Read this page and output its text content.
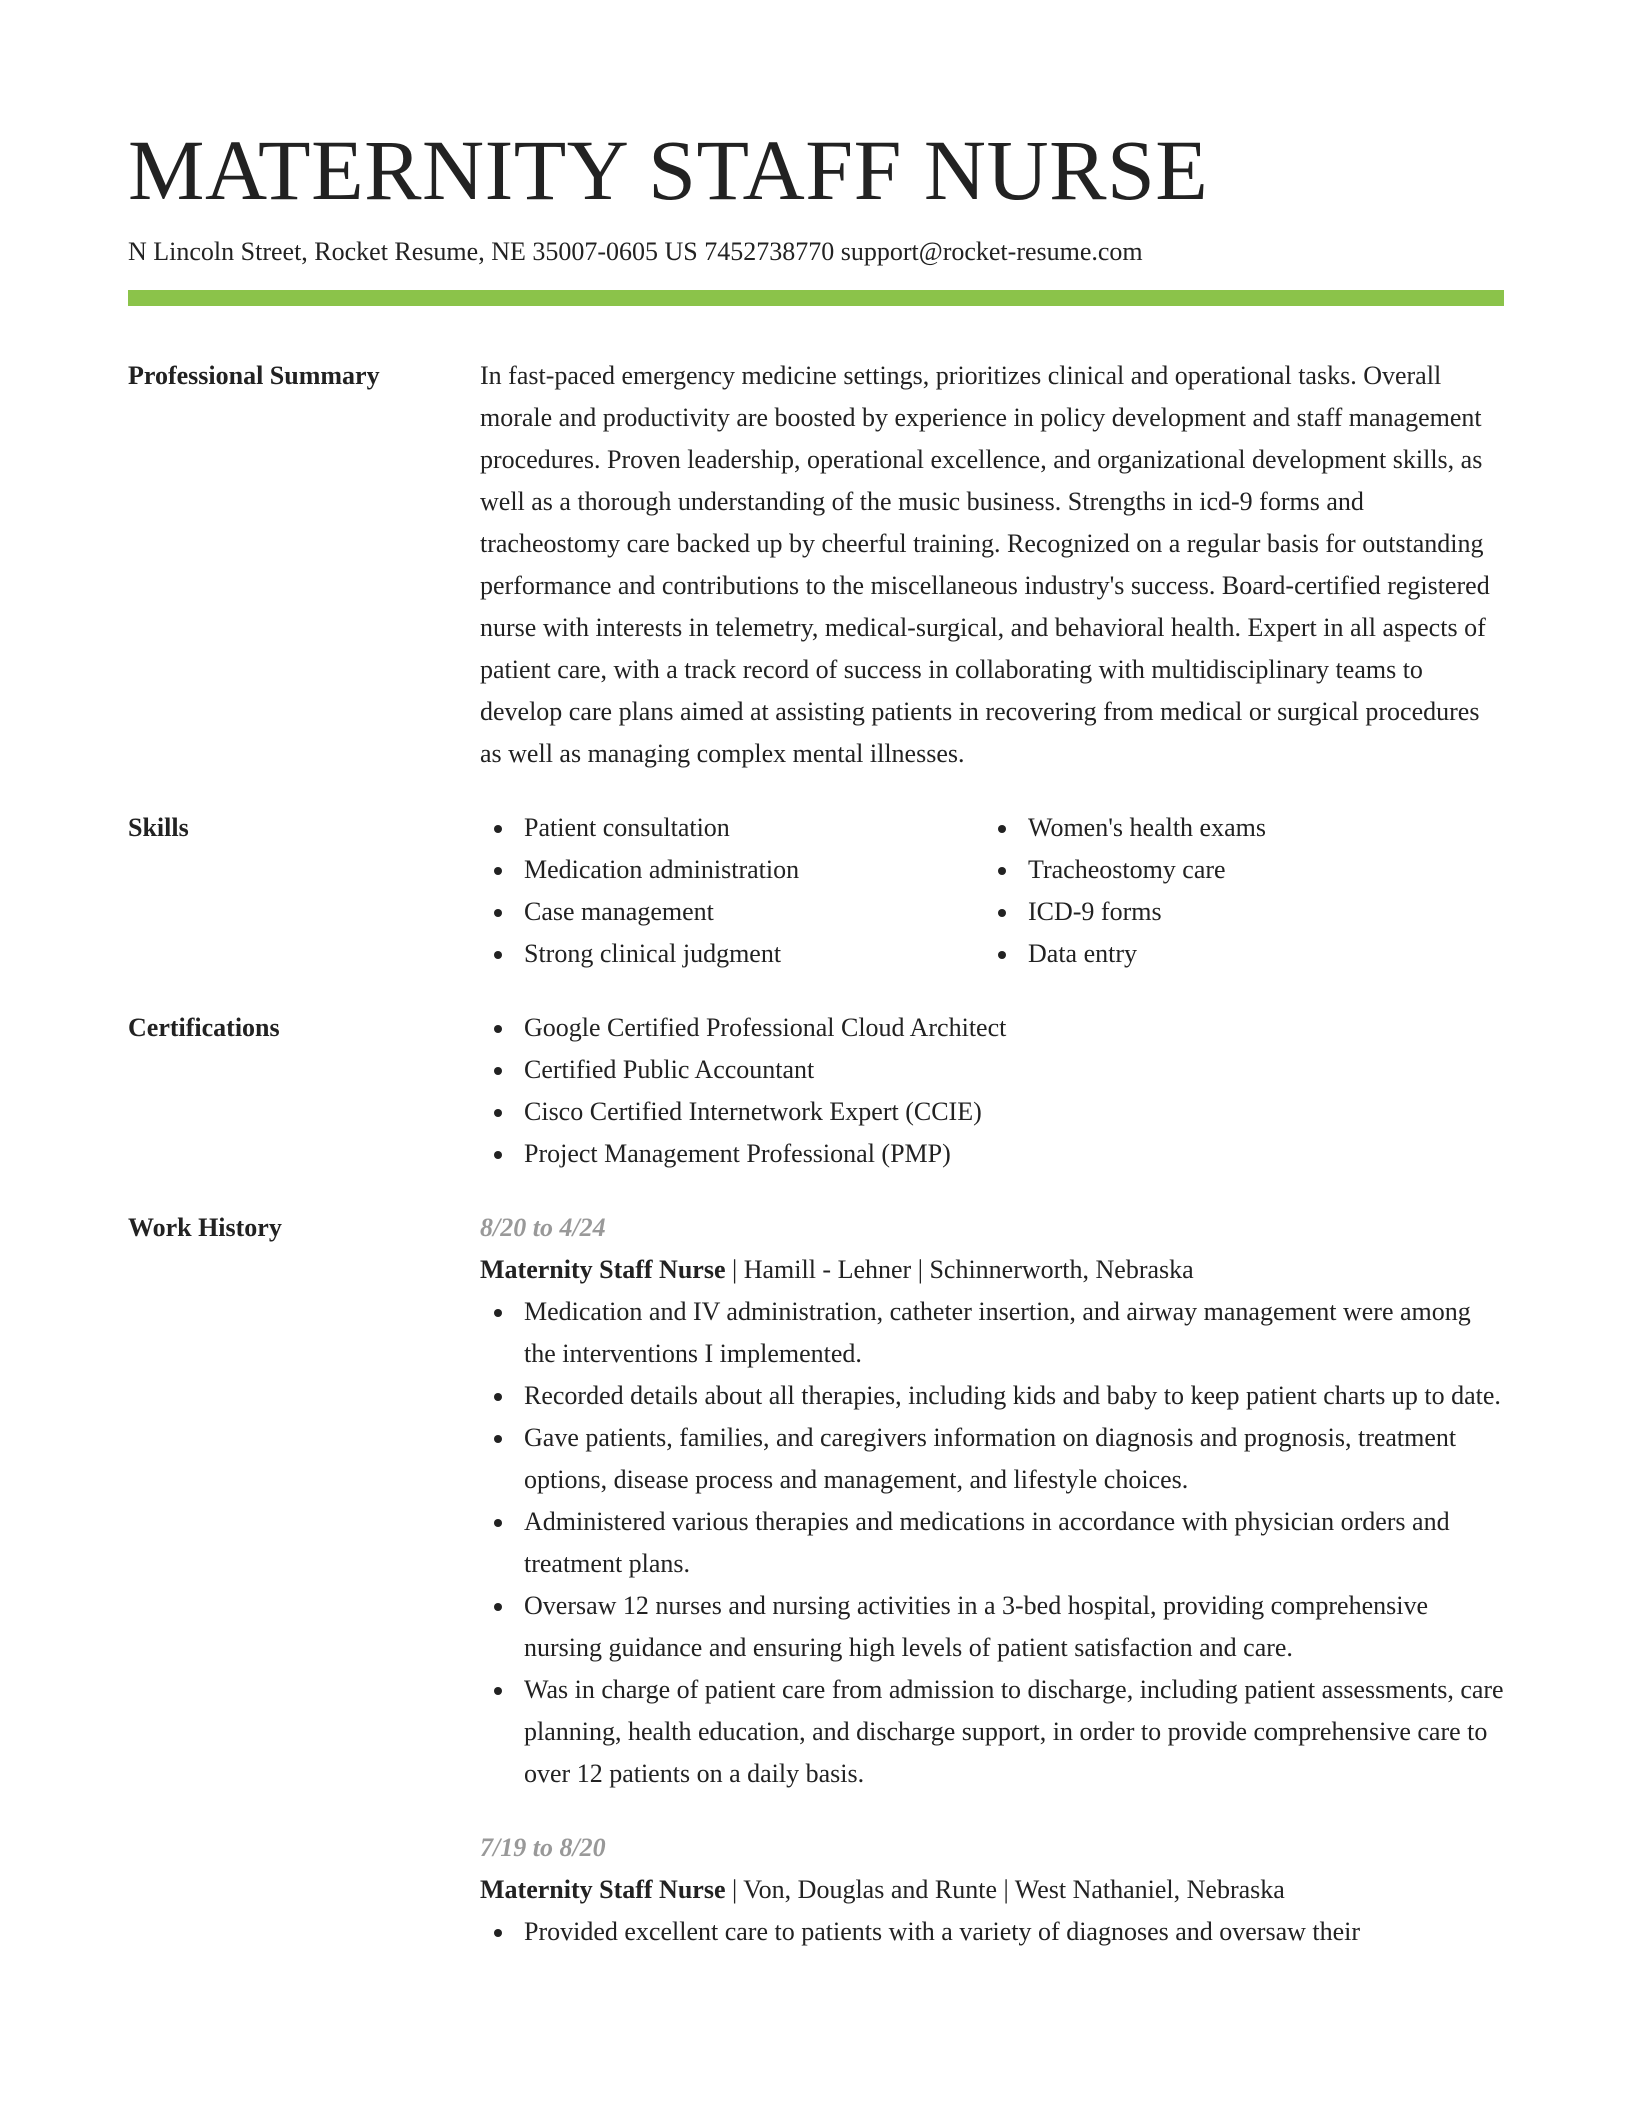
MATERNITY STAFF NURSE
N Lincoln Street, Rocket Resume, NE 35007-0605 US 7452738770 support@rocket-resume.com
Professional Summary	In fast-paced emergency medicine settings, prioritizes clinical and operational tasks. Overall morale and productivity are boosted by experience in policy development and staff management procedures. Proven leadership, operational excellence, and organizational development skills, as well as a thorough understanding of the music business. Strengths in icd-9 forms and tracheostomy care backed up by cheerful training. Recognized on a regular basis for outstanding performance and contributions to the miscellaneous industry's success. Board-certified registered nurse with interests in telemetry, medical-surgical, and behavioral health. Expert in all aspects of patient care, with a track record of success in collaborating with multidisciplinary teams to develop care plans aimed at assisting patients in recovering from medical or surgical procedures as well as managing complex mental illnesses.
Skills	Patient consultation
Medication administration
Case management
Strong clinical judgment
Women's health exams
Tracheostomy care
ICD-9 forms
Data entry
Certifications	Google Certified Professional Cloud Architect
Certified Public Accountant
Cisco Certified Internetwork Expert (CCIE)
Project Management Professional (PMP)
Work History	8/20 to 4/24
Maternity Staff Nurse | Hamill - Lehner | Schinnerworth, Nebraska
Medication and IV administration, catheter insertion, and airway management were among the interventions I implemented.
Recorded details about all therapies, including kids and baby to keep patient charts up to date.
Gave patients, families, and caregivers information on diagnosis and prognosis, treatment options, disease process and management, and lifestyle choices.
Administered various therapies and medications in accordance with physician orders and treatment plans.
Oversaw 12 nurses and nursing activities in a 3-bed hospital, providing comprehensive nursing guidance and ensuring high levels of patient satisfaction and care.
Was in charge of patient care from admission to discharge, including patient assessments, care planning, health education, and discharge support, in order to provide comprehensive care to over 12 patients on a daily basis.
7/19 to 8/20
Maternity Staff Nurse | Von, Douglas and Runte | West Nathaniel, Nebraska
Provided excellent care to patients with a variety of diagnoses and oversaw their
